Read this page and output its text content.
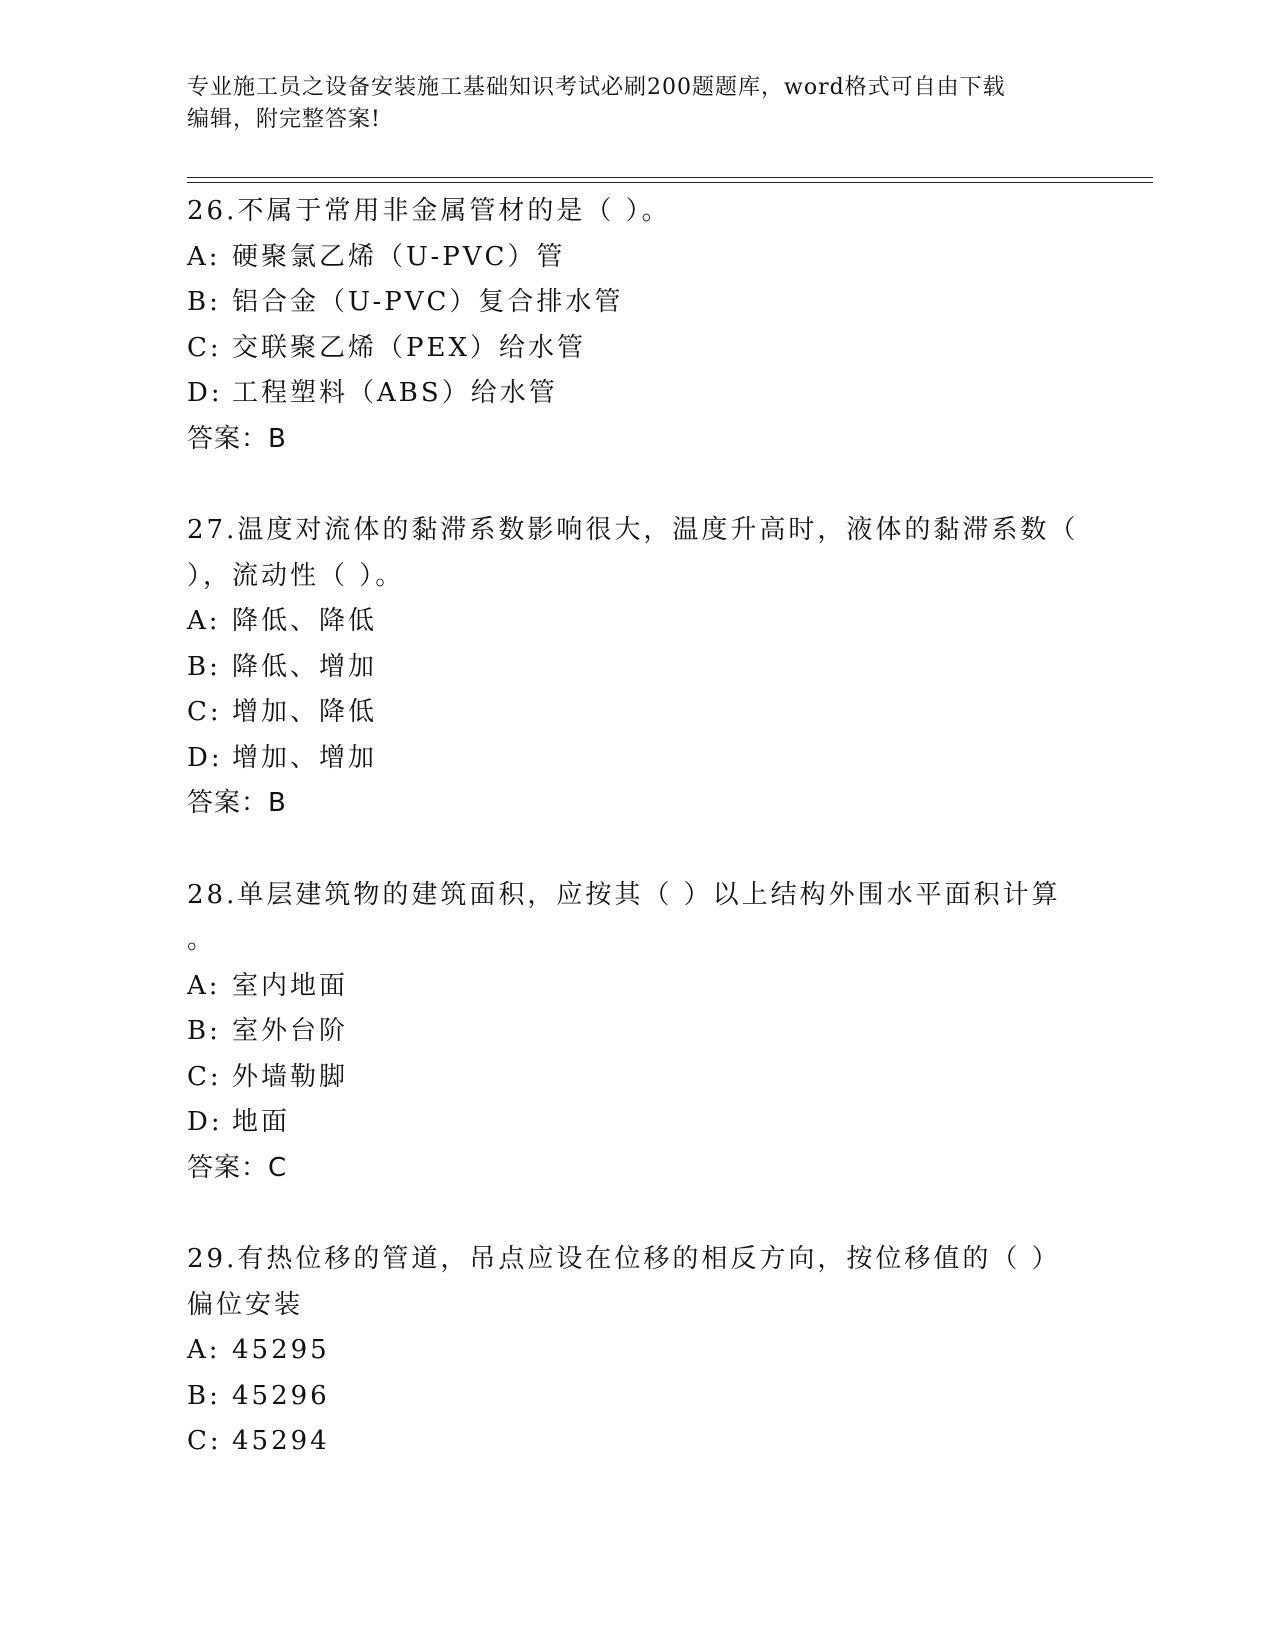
专业施工员之设备安装施工基础知识考试必刷200题题库，word格式可自由下载
编辑，附完整答案!
26.不属于常用非金属管材的是（ ）。
A: 硬聚氯乙烯（U-PVC）管
B: 铝合金（U-PVC）复合排水管
C: 交联聚乙烯（PEX）给水管
D: 工程塑料（ABS）给水管
答案：B
27.温度对流体的黏滞系数影响很大，温度升高时，液体的黏滞系数（
），流动性（ ）。
A: 降低、降低
B: 降低、增加
C: 增加、降低
D: 增加、增加
答案：B
28.单层建筑物的建筑面积，应按其（ ）以上结构外围水平面积计算
。
A: 室内地面
B: 室外台阶
C: 外墙勒脚
D: 地面
答案：C
29.有热位移的管道，吊点应设在位移的相反方向，按位移值的（ ）
偏位安装
A: 45295
B: 45296
C: 45294
